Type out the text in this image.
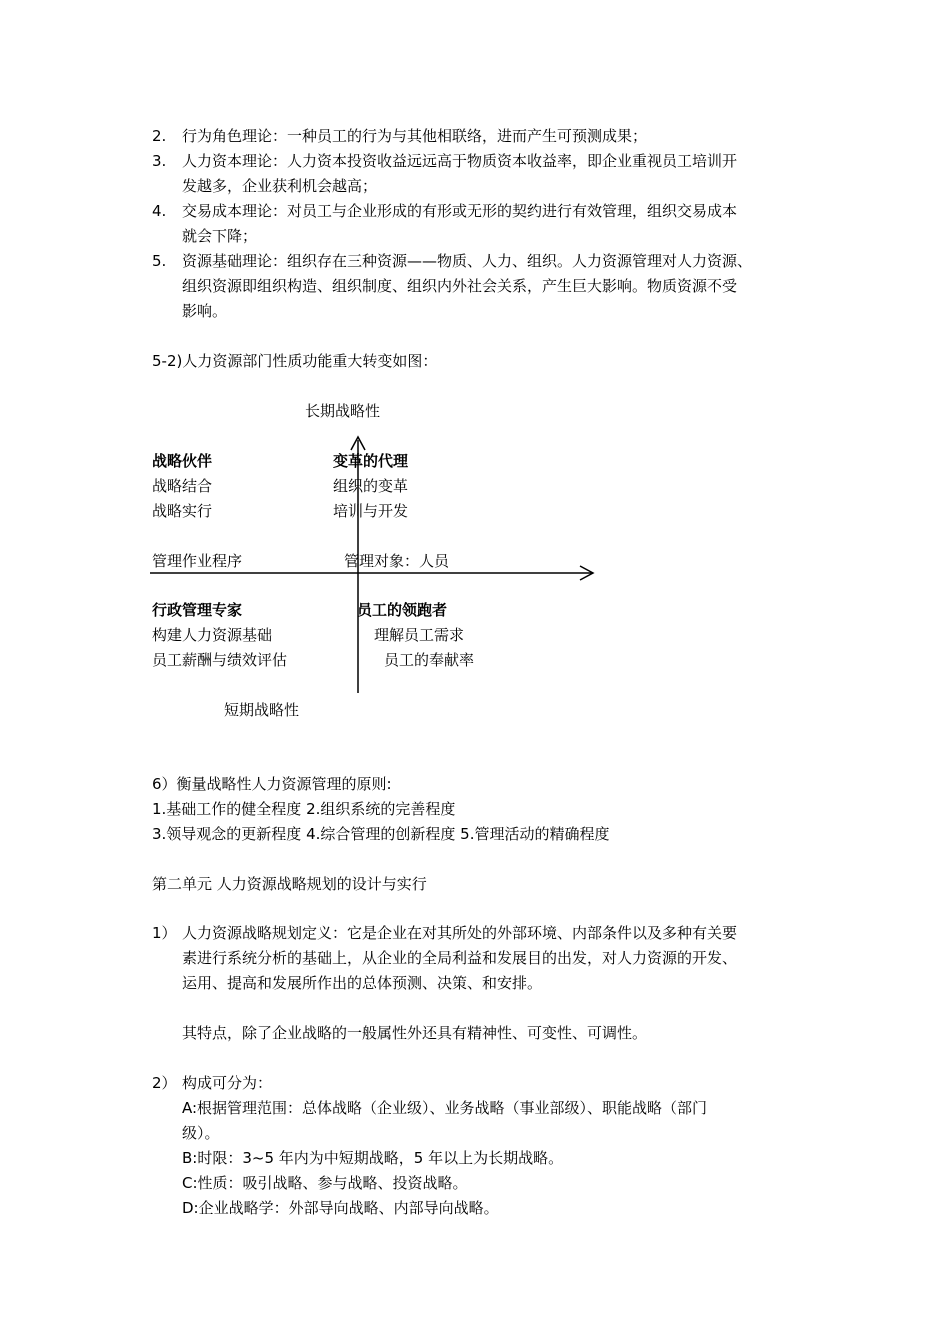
2.	行为角色理论：一种员工的行为与其他相联络，进而产生可预测成果；
3.	人力资本理论：人力资本投资收益远远高于物质资本收益率，即企业重视员工培训开
发越多，企业获利机会越高；
4.	交易成本理论：对员工与企业形成的有形或无形的契约进行有效管理，组织交易成本
就会下降；
5.	资源基础理论：组织存在三种资源——物质、人力、组织。人力资源管理对人力资源、
组织资源即组织构造、组织制度、组织内外社会关系，产生巨大影响。物质资源不受
影响。
5-2)人力资源部门性质功能重大转变如图：
长期战略性
战略伙伴
战略结合
战略实行
变革的代理
组织的变革
培训与开发
管理作业程序	管理对象：人员
行政管理专家
构建人力资源基础
员工薪酬与绩效评估
员工的领跑者
理解员工需求
员工的奉献率
短期战略性
6）衡量战略性人力资源管理的原则:
1.基础工作的健全程度 2.组织系统的完善程度
3.领导观念的更新程度 4.综合管理的创新程度 5.管理活动的精确程度
第二单元 人力资源战略规划的设计与实行
1） 人力资源战略规划定义：它是企业在对其所处的外部环境、内部条件以及多种有关要
素进行系统分析的基础上，从企业的全局利益和发展目的出发，对人力资源的开发、
运用、提高和发展所作出的总体预测、决策、和安排。
其特点，除了企业战略的一般属性外还具有精神性、可变性、可调性。
2） 构成可分为：
A:根据管理范围：总体战略（企业级）、业务战略（事业部级）、职能战略（部门
级）。
B:时限：3~5 年内为中短期战略，5 年以上为长期战略。
C:性质：吸引战略、参与战略、投资战略。
D:企业战略学：外部导向战略、内部导向战略。
